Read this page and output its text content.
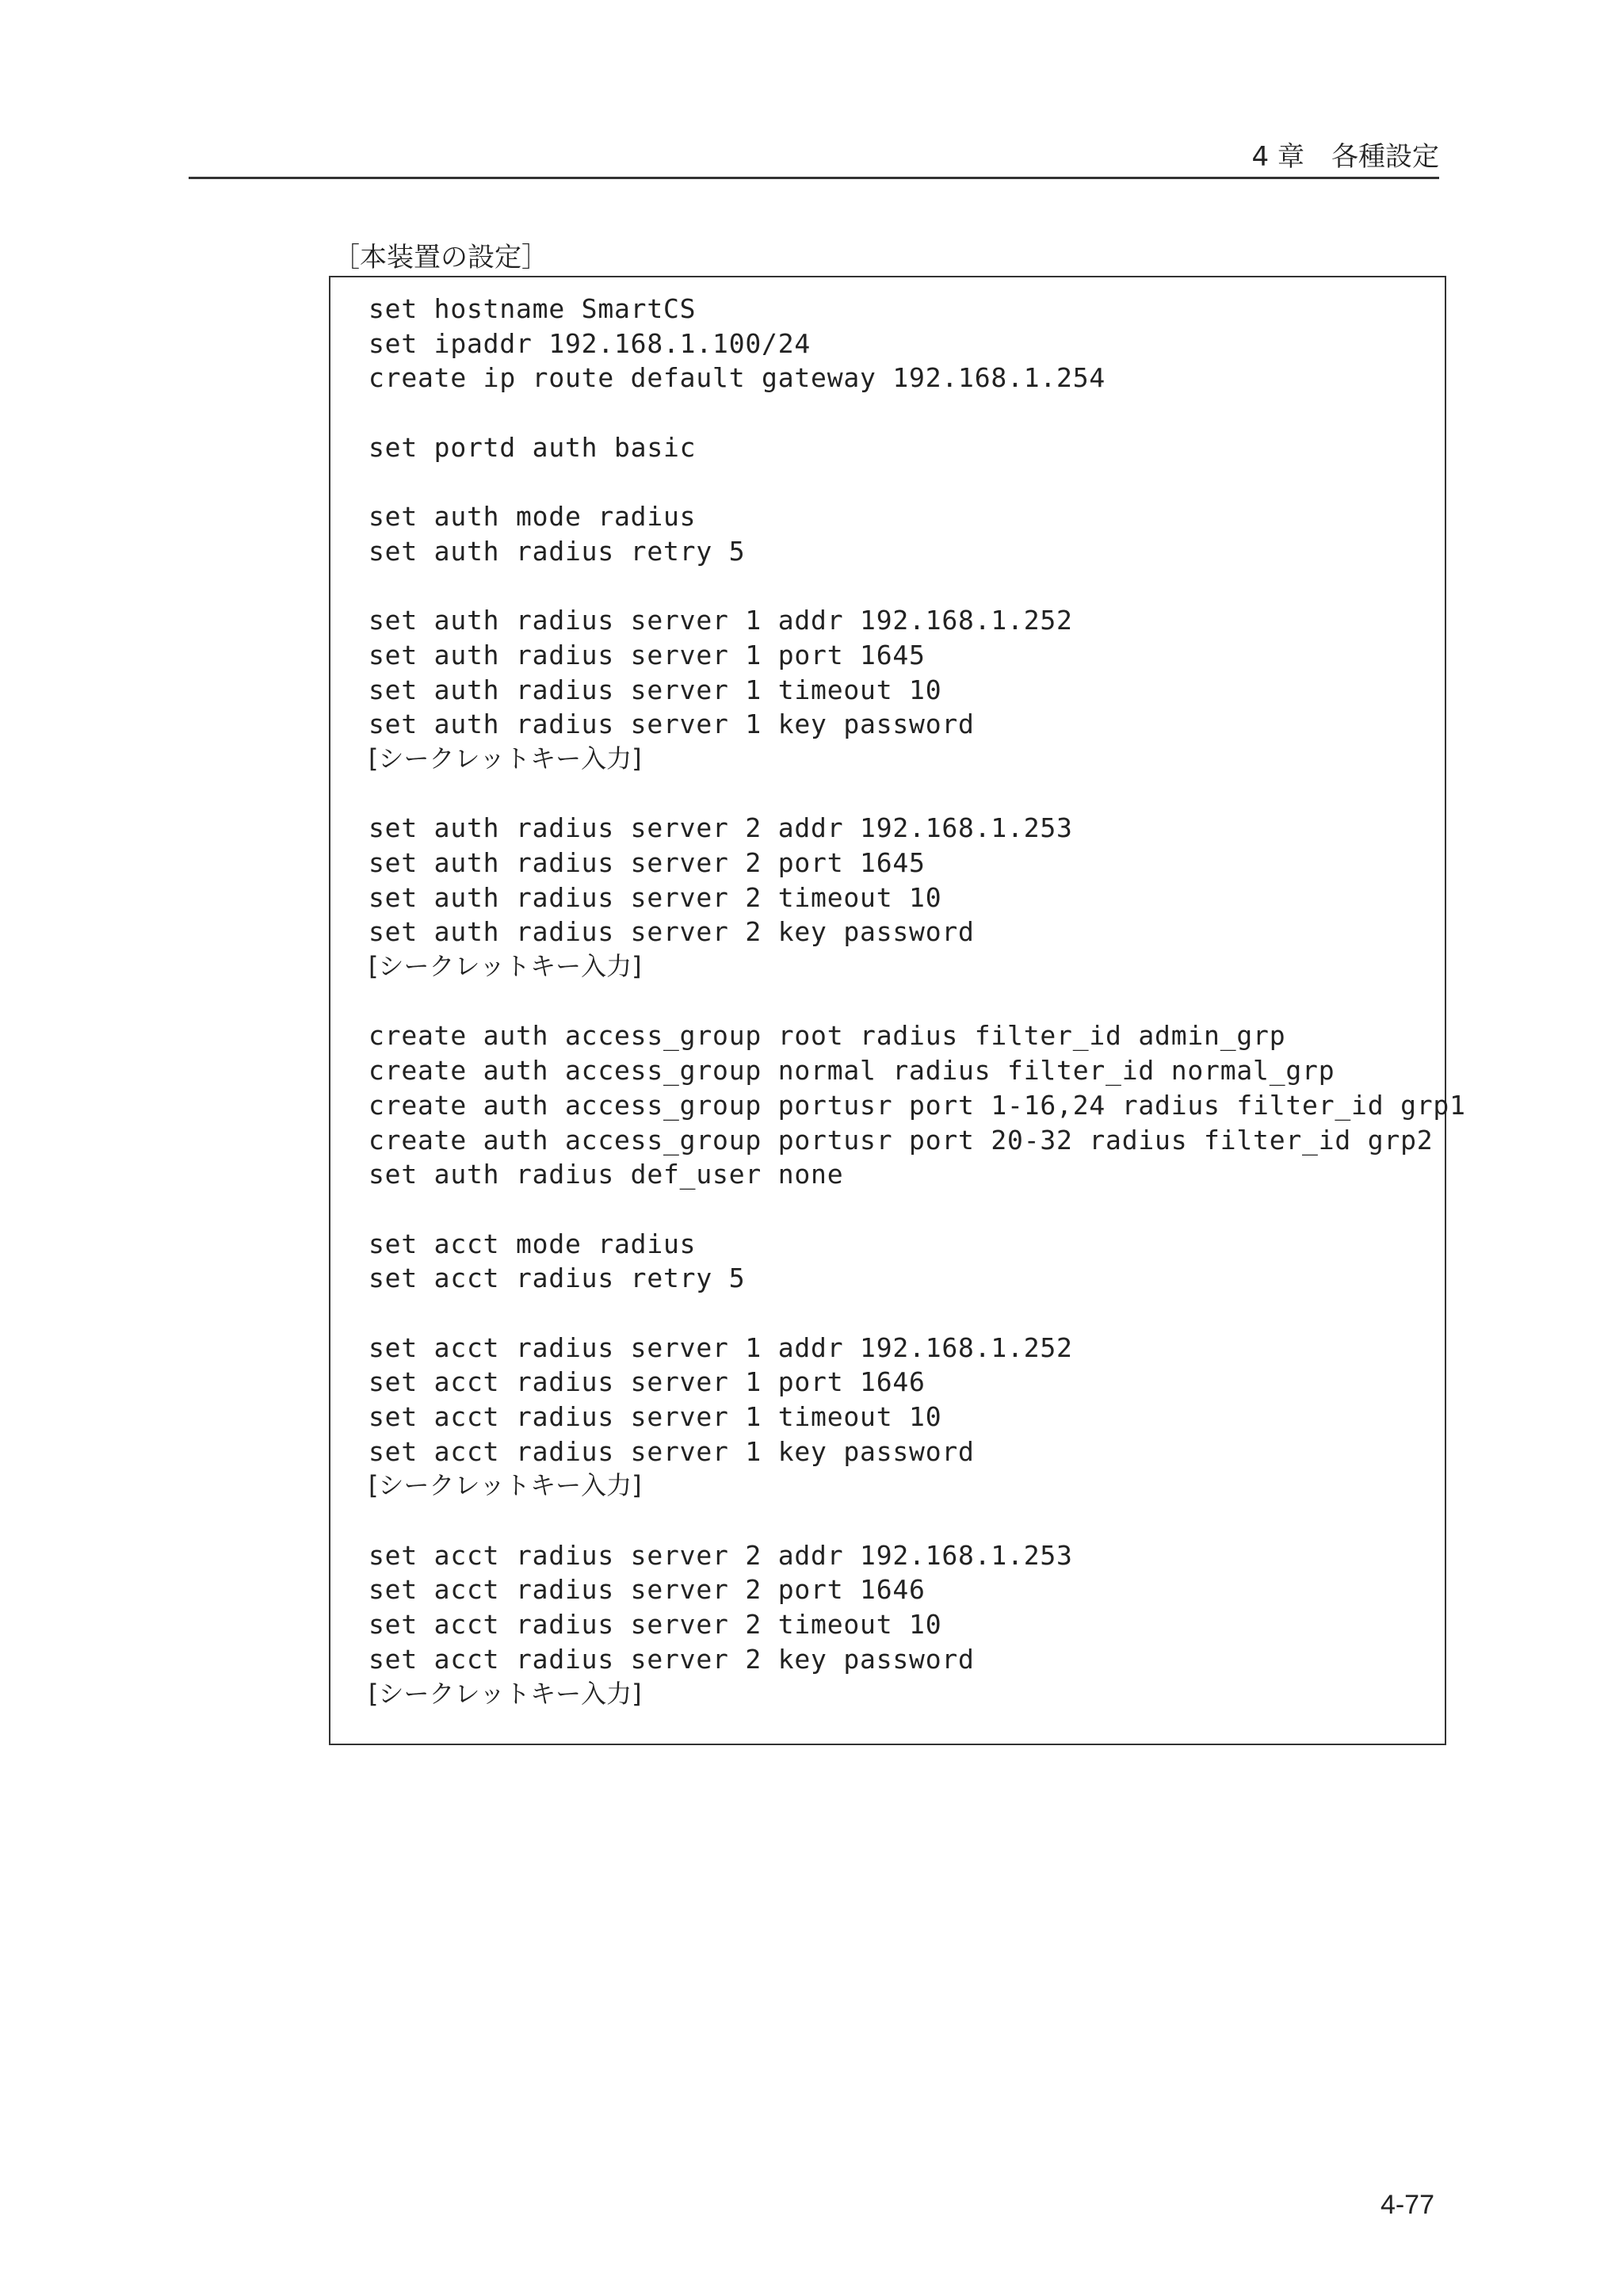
4 章　各種設定
［本装置の設定］
set hostname SmartCS
set ipaddr 192.168.1.100/24
create ip route default gateway 192.168.1.254
set portd auth basic
set auth mode radius
set auth radius retry 5
set auth radius server 1 addr 192.168.1.252
set auth radius server 1 port 1645
set auth radius server 1 timeout 10
set auth radius server 1 key password
[シークレットキー入力]
set auth radius server 2 addr 192.168.1.253
set auth radius server 2 port 1645
set auth radius server 2 timeout 10
set auth radius server 2 key password
[シークレットキー入力]
create auth access_group root radius filter_id admin_grp
create auth access_group normal radius filter_id normal_grp
create auth access_group portusr port 1-16,24 radius filter_id grp1
create auth access_group portusr port 20-32 radius filter_id grp2
set auth radius def_user none
set acct mode radius
set acct radius retry 5
set acct radius server 1 addr 192.168.1.252
set acct radius server 1 port 1646
set acct radius server 1 timeout 10
set acct radius server 1 key password
[シークレットキー入力]
set acct radius server 2 addr 192.168.1.253
set acct radius server 2 port 1646
set acct radius server 2 timeout 10
set acct radius server 2 key password
[シークレットキー入力]
4-77
